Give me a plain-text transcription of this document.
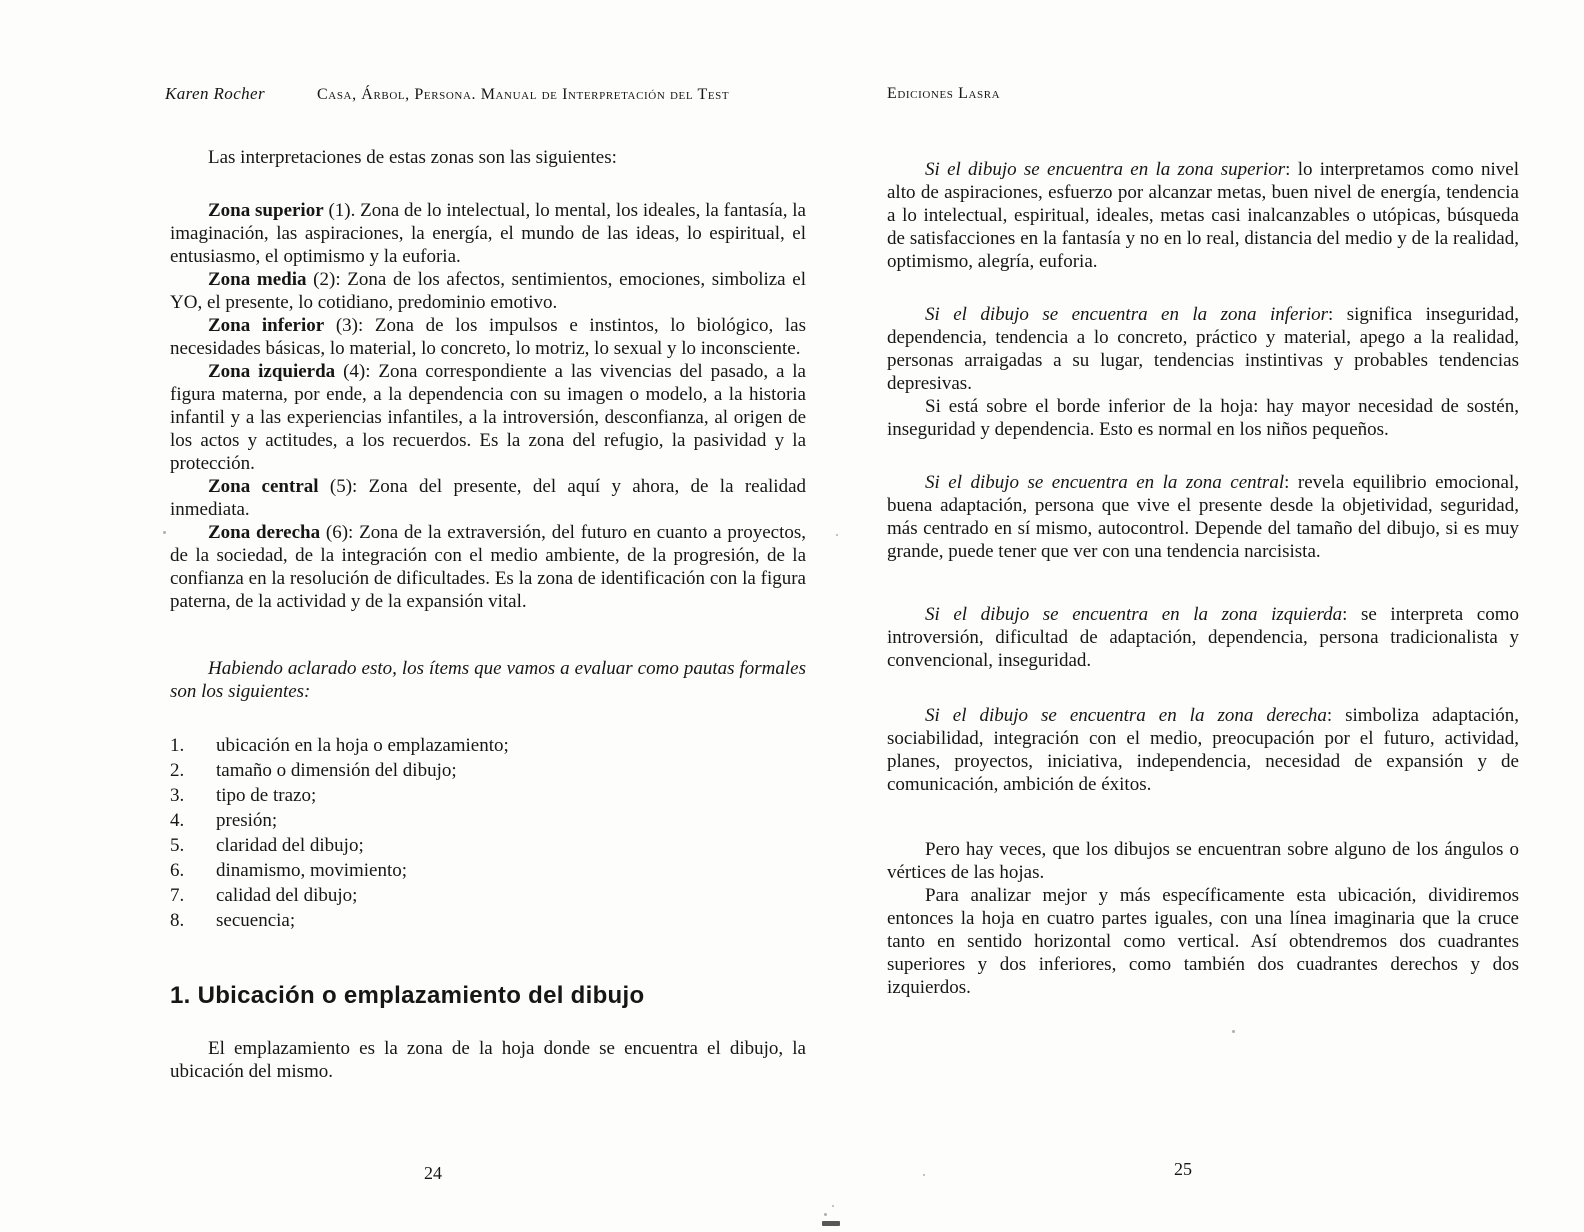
Karen Rocher	Casa, Árbol, Persona. Manual de Interpretación del Test	Ediciones Lasra

Las interpretaciones de estas zonas son las siguientes:

Zona superior (1). Zona de lo intelectual, lo mental, los ideales, la fantasía, la imaginación, las aspiraciones, la energía, el mundo de las ideas, lo espiritual, el entusiasmo, el optimismo y la euforia.

Zona media (2): Zona de los afectos, sentimientos, emociones, simboliza el YO, el presente, lo cotidiano, predominio emotivo.

Zona inferior (3): Zona de los impulsos e instintos, lo biológico, las necesidades básicas, lo material, lo concreto, lo motriz, lo sexual y lo inconsciente.

Zona izquierda (4): Zona correspondiente a las vivencias del pasado, a la figura materna, por ende, a la dependencia con su imagen o modelo, a la historia infantil y a las experiencias infantiles, a la introversión, desconfianza, al origen de los actos y actitudes, a los recuerdos. Es la zona del refugio, la pasividad y la protección.

Zona central (5): Zona del presente, del aquí y ahora, de la realidad inmediata.

Zona derecha (6): Zona de la extraversión, del futuro en cuanto a proyectos, de la sociedad, de la integración con el medio ambiente, de la progresión, de la confianza en la resolución de dificultades. Es la zona de identificación con la figura paterna, de la actividad y de la expansión vital.

Habiendo aclarado esto, los ítems que vamos a evaluar como pautas formales son los siguientes:

1.	ubicación en la hoja o emplazamiento;
2.	tamaño o dimensión del dibujo;
3.	tipo de trazo;
4.	presión;
5.	claridad del dibujo;
6.	dinamismo, movimiento;
7.	calidad del dibujo;
8.	secuencia;
1. Ubicación o emplazamiento del dibujo

El emplazamiento es la zona de la hoja donde se encuentra el dibujo, la ubicación del mismo.

Si el dibujo se encuentra en la zona superior: lo interpretamos como nivel alto de aspiraciones, esfuerzo por alcanzar metas, buen nivel de energía, tendencia a lo intelectual, espiritual, ideales, metas casi inalcanzables o utópicas, búsqueda de satisfacciones en la fantasía y no en lo real, distancia del medio y de la realidad, optimismo, alegría, euforia.

Si el dibujo se encuentra en la zona inferior: significa inseguridad, dependencia, tendencia a lo concreto, práctico y material, apego a la realidad, personas arraigadas a su lugar, tendencias instintivas y probables tendencias depresivas.

Si está sobre el borde inferior de la hoja: hay mayor necesidad de sostén, inseguridad y dependencia. Esto es normal en los niños pequeños.

Si el dibujo se encuentra en la zona central: revela equilibrio emocional, buena adaptación, persona que vive el presente desde la objetividad, seguridad, más centrado en sí mismo, autocontrol. Depende del tamaño del dibujo, si es muy grande, puede tener que ver con una tendencia narcisista.

Si el dibujo se encuentra en la zona izquierda: se interpreta como introversión, dificultad de adaptación, dependencia, persona tradicionalista y convencional, inseguridad.

Si el dibujo se encuentra en la zona derecha: simboliza adaptación, sociabilidad, integración con el medio, preocupación por el futuro, actividad, planes, proyectos, iniciativa, independencia, necesidad de expansión y de comunicación, ambición de éxitos.

Pero hay veces, que los dibujos se encuentran sobre alguno de los ángulos o vértices de las hojas.

Para analizar mejor y más específicamente esta ubicación, dividiremos entonces la hoja en cuatro partes iguales, con una línea imaginaria que la cruce tanto en sentido horizontal como vertical. Así obtendremos dos cuadrantes superiores y dos inferiores, como también dos cuadrantes derechos y dos izquierdos.

24	25
